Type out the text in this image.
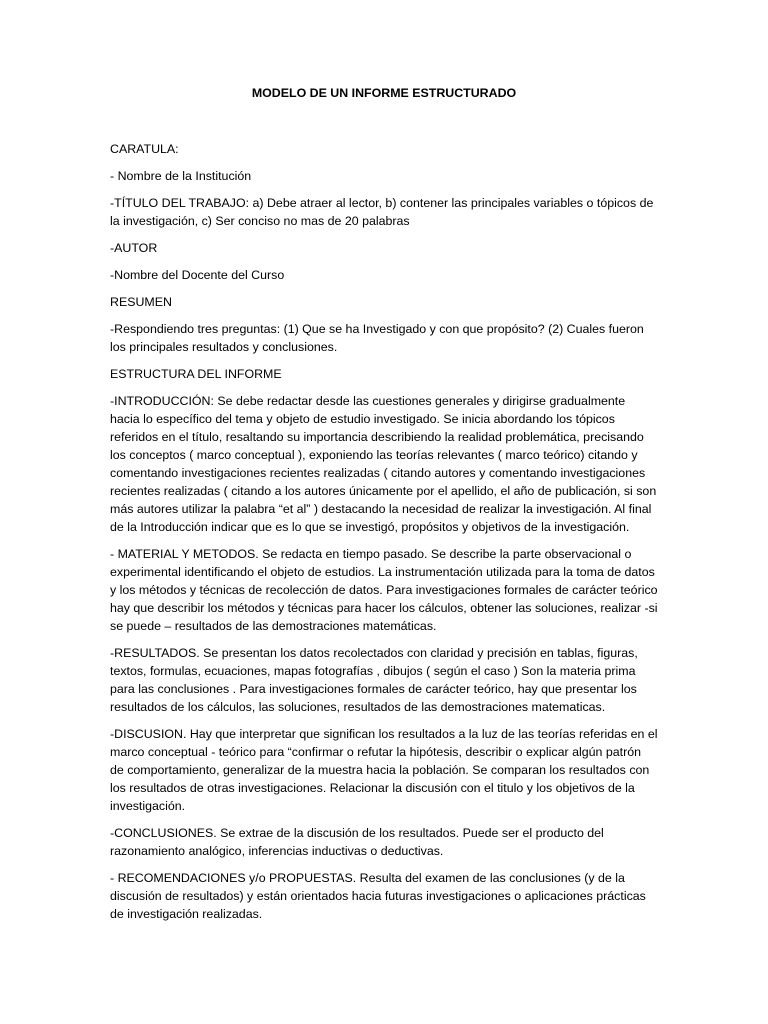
MODELO DE UN INFORME ESTRUCTURADO

CARATULA:

- Nombre de la Institución

-TÍTULO DEL TRABAJO: a) Debe atraer al lector, b) contener las principales variables o tópicos de la investigación, c) Ser conciso no mas de 20 palabras

-AUTOR

-Nombre del Docente del Curso

RESUMEN

-Respondiendo tres preguntas: (1) Que se ha Investigado y con que propósito? (2) Cuales fueron los principales resultados y conclusiones.

ESTRUCTURA DEL INFORME

-INTRODUCCIÓN: Se debe redactar desde las cuestiones generales y dirigirse gradualmente hacia lo específico del tema y objeto de estudio investigado. Se inicia abordando los tópicos referidos en el título, resaltando su importancia describiendo la realidad problemática, precisando los conceptos ( marco conceptual ), exponiendo las teorías relevantes ( marco teórico) citando y comentando investigaciones recientes realizadas ( citando autores y comentando investigaciones recientes realizadas ( citando a los autores únicamente por el apellido, el año de publicación, si son más autores utilizar la palabra “et al” ) destacando la necesidad de realizar la investigación. Al final de la Introducción indicar que es lo que se investigó, propósitos y objetivos de la investigación.

- MATERIAL Y METODOS. Se redacta en tiempo pasado. Se describe la parte observacional o experimental identificando el objeto de estudios. La instrumentación utilizada para la toma de datos y los métodos y técnicas de recolección de datos. Para investigaciones formales de carácter teórico hay que describir los métodos y técnicas para hacer los cálculos, obtener las soluciones, realizar -si se puede – resultados de las demostraciones matemáticas.

-RESULTADOS. Se presentan los datos recolectados con claridad y precisión en tablas, figuras, textos, formulas, ecuaciones, mapas fotografías , dibujos ( según el caso ) Son la materia prima para las conclusiones . Para investigaciones formales de carácter teórico, hay que presentar los resultados de los cálculos, las soluciones, resultados de las demostraciones matematicas.

-DISCUSION. Hay que interpretar que significan los resultados a la luz de las teorías referidas en el marco conceptual - teórico para “confirmar o refutar la hipótesis, describir o explicar algún patrón de comportamiento, generalizar de la muestra hacia la población. Se comparan los resultados con los resultados de otras investigaciones. Relacionar la discusión con el titulo y los objetivos de la investigación.

-CONCLUSIONES. Se extrae de la discusión de los resultados. Puede ser el producto del razonamiento analógico, inferencias inductivas o deductivas.

- RECOMENDACIONES y/o PROPUESTAS. Resulta del examen de las conclusiones (y de la discusión de resultados) y están orientados hacia futuras investigaciones o aplicaciones prácticas de investigación realizadas.
